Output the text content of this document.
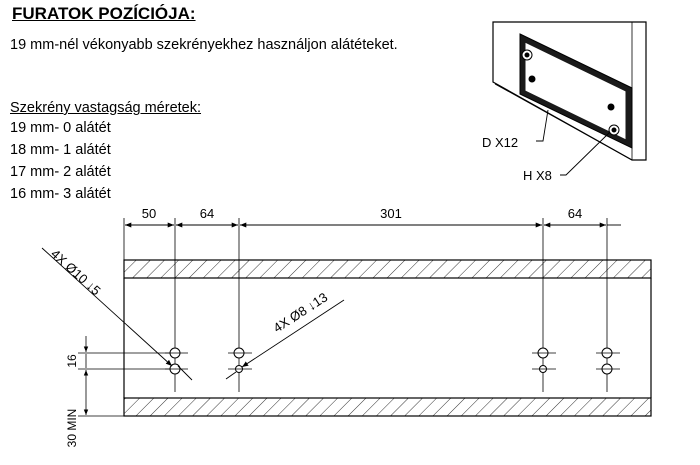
FURATOK POZÍCIÓJA:
19 mm-nél vékonyabb szekrényekhez használjon alátéteket.
Szekrény vastagság méretek:
19 mm- 0 alátét
18 mm- 1 alátét
17 mm- 2 alátét
16 mm- 3 alátét
D X12
H X8
50	64	301	64
16
30 MIN
4X Ø10 ↓5
4X Ø8 ↓13
